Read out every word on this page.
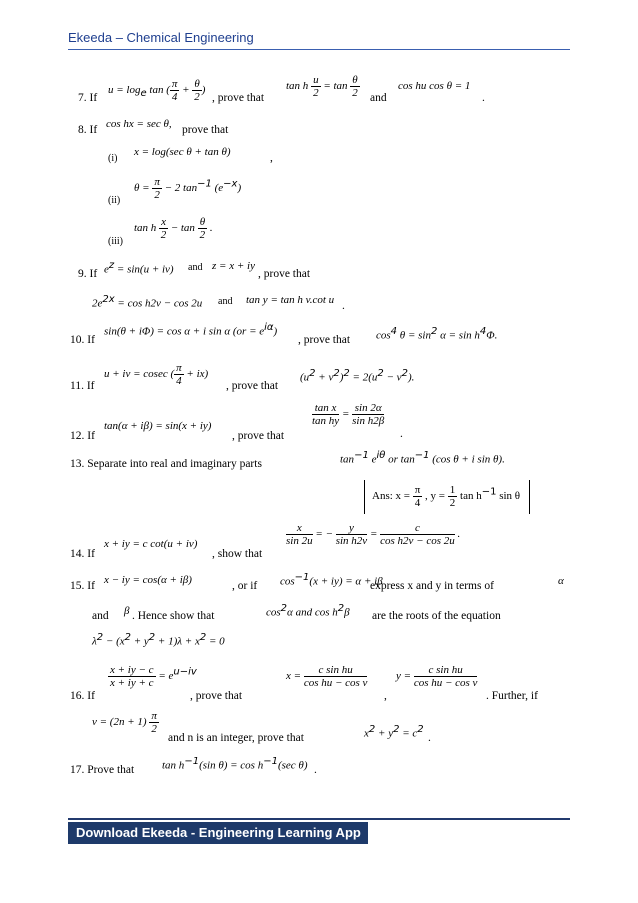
Ekeeda – Chemical Engineering
7. If
$u = \log_e \tan$ ( $\frac{\pi}{4} + \frac{\theta}{2}$ )
, prove that
tan h $\frac{u}{2} = \tan \frac{\theta}{2}$ and
cos hu cos θ = 1
.
8. If cos hx = sec θ, prove that
(i)
x = log(sec θ + tan θ)	,
(ii)
$\theta = \frac{\pi}{2} - 2$ $\tan^{-1} (e^{-x})$
(iii)
tan h $\frac{x}{2} - \tan \frac{\theta}{2}$ .
9. If $e^z = \sin(u + iv)$ and z = x + iy
, prove that
$2e^{2x} = \cos h2v - \cos 2u$ and tan y = tan h v.cot u .
10. If
sin(θ + iΦ) = cos α + i sin α $(or = e^{i\alpha})$
, prove that $\cos^4 \theta = \sin^2 \alpha = \sin h^4\Phi$.
11. If
u + iv = cosec ( $\frac{\pi}{4} + ix$)
, prove that
$(u^2 + v^2)^2 = 2(u^2 - v^2)$.
12. If
tan(α + iβ) = sin(x + iy)
, prove that
$\frac{\text{tan x}}{\text{tan hy}} = \frac{\sin 2\alpha}{\text{sin h2β}}$
.
13. Separate into real and imaginary parts	$\tan^{-1} e^{i\theta}$ or $\tan^{-1} (\cos$ θ + i sin θ).
Ans: $x = \frac{\pi}{4}$ , $y = \frac{1}{2}$ $\tan h^{-1}$ sin θ
14. If
x + iy = c cot(u + iv)
, show that
$\frac{x}{\sin 2u}$ = − $\frac{y}{\text{sin h2v}} = \frac{c}{\text{cos h2v − cos 2u}}$ .
15. If x − iy = cos(α + iβ)	, or if $\cos^{-1}(x + iy) = \alpha + i\beta$
express x and y in terms of	α
and β . Hence show that	$\cos^2\alpha$ and $\cos h^2\beta$ are the roots of the equation
$\lambda^2 - (x^2 + y^2 + 1)\lambda + x^2 = 0$
16. If
$\frac{x + iy - c}{x + iy + c} = e^{u-iv}$
, prove that
$x = \frac{\text{c sin hu}}{\text{cos hu − cos v}}$
,
$y = \frac{\text{c sin hu}}{\text{cos hu − cos v}}$
. Further, if
$v = (2n + 1) \frac{\pi}{2}$
and n is an integer, prove that	$x^2 + y^2 = c^2$
.
17. Prove that	$\tan h^{-1}(\sin$ $\theta) = \cos h^{-1}(\sec$ θ) .
Download Ekeeda - Engineering Learning App
